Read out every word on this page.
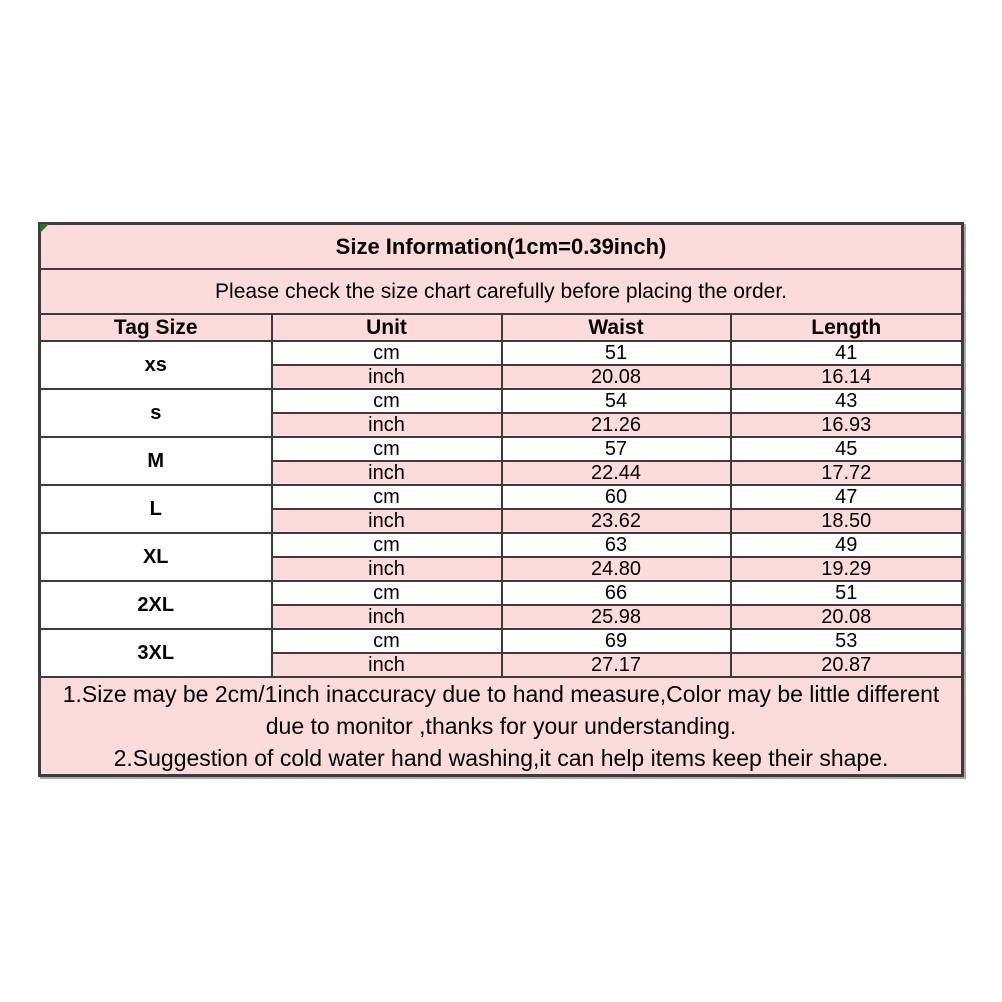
Size Information(1cm=0.39inch)			
Please check the size chart carefully before placing the order.			
Tag Size	Unit	Waist	Length
xs	cm	51	41
	inch	20.08	16.14
s	cm	54	43
	inch	21.26	16.93
M	cm	57	45
	inch	22.44	17.72
L	cm	60	47
	inch	23.62	18.50
XL	cm	63	49
	inch	24.80	19.29
2XL	cm	66	51
	inch	25.98	20.08
3XL	cm	69	53
	inch	27.17	20.87

1.Size may be 2cm/1inch inaccuracy due to hand measure,Color may be little different due to monitor ,thanks for your understanding.
2.Suggestion of cold water hand washing,it can help items keep their shape.			
